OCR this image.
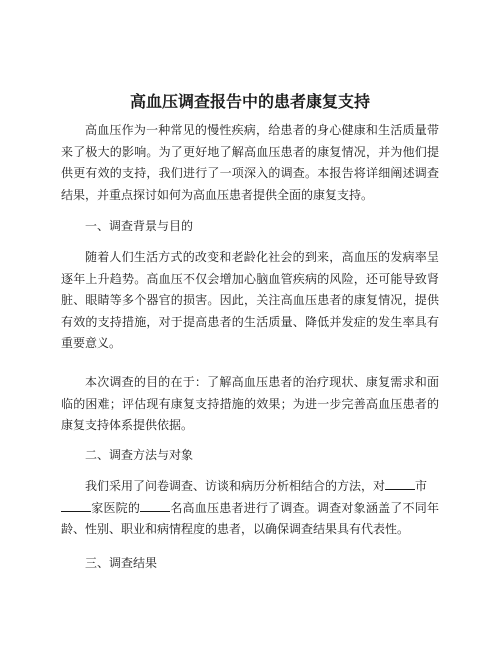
高血压调查报告中的患者康复支持

高血压作为一种常见的慢性疾病，给患者的身心健康和生活质量带来了极大的影响。为了更好地了解高血压患者的康复情况，并为他们提供更有效的支持，我们进行了一项深入的调查。本报告将详细阐述调查结果，并重点探讨如何为高血压患者提供全面的康复支持。

一、调查背景与目的

随着人们生活方式的改变和老龄化社会的到来，高血压的发病率呈逐年上升趋势。高血压不仅会增加心脑血管疾病的风险，还可能导致肾脏、眼睛等多个器官的损害。因此，关注高血压患者的康复情况，提供有效的支持措施，对于提高患者的生活质量、降低并发症的发生率具有重要意义。

本次调查的目的在于：了解高血压患者的治疗现状、康复需求和面临的困难；评估现有康复支持措施的效果；为进一步完善高血压患者的康复支持体系提供依据。

二、调查方法与对象

我们采用了问卷调查、访谈和病历分析相结合的方法，对	市
家医院的	名高血压患者进行了调查。调查对象涵盖了不同年龄、性别、职业和病情程度的患者，以确保调查结果具有代表性。

三、调查结果
